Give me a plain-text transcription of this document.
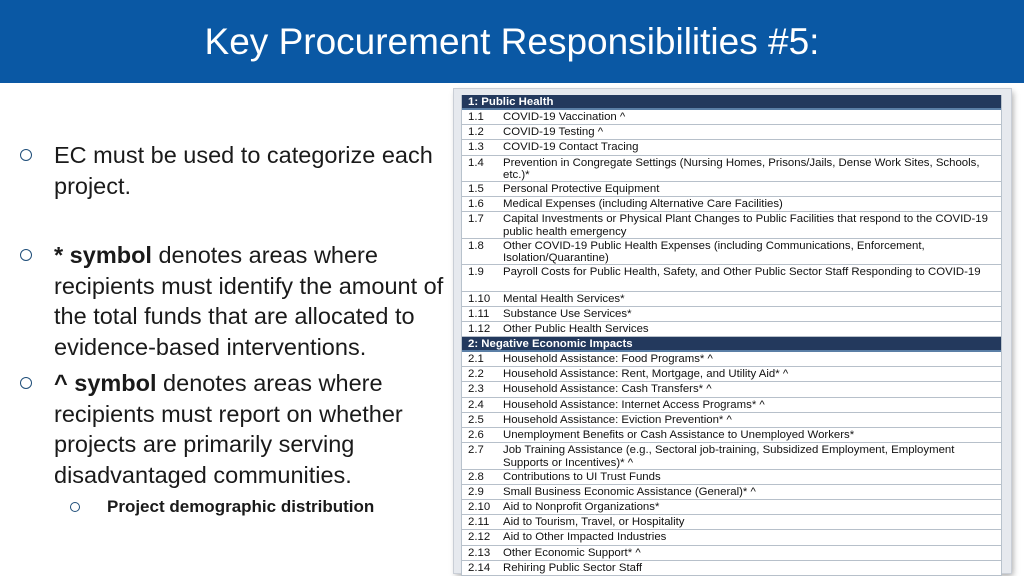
Key Procurement Responsibilities #5:
EC must be used to categorize each project.
* symbol denotes areas where recipients must identify the amount of the total funds that are allocated to evidence-based interventions.
^ symbol denotes areas where recipients must report on whether projects are primarily serving disadvantaged communities.
Project demographic distribution
1: Public Health
1.1	COVID-19 Vaccination ^
1.2	COVID-19 Testing ^
1.3	COVID-19 Contact Tracing
1.4	Prevention in Congregate Settings (Nursing Homes, Prisons/Jails, Dense Work Sites, Schools, etc.)*
1.5	Personal Protective Equipment
1.6	Medical Expenses (including Alternative Care Facilities)
1.7	Capital Investments or Physical Plant Changes to Public Facilities that respond to the COVID-19 public health emergency
1.8	Other COVID-19 Public Health Expenses (including Communications, Enforcement, Isolation/Quarantine)
1.9	Payroll Costs for Public Health, Safety, and Other Public Sector Staff Responding to COVID-19
1.10	Mental Health Services*
1.11	Substance Use Services*
1.12	Other Public Health Services
2: Negative Economic Impacts
2.1	Household Assistance: Food Programs* ^
2.2	Household Assistance: Rent, Mortgage, and Utility Aid* ^
2.3	Household Assistance: Cash Transfers* ^
2.4	Household Assistance: Internet Access Programs* ^
2.5	Household Assistance: Eviction Prevention* ^
2.6	Unemployment Benefits or Cash Assistance to Unemployed Workers*
2.7	Job Training Assistance (e.g., Sectoral job-training, Subsidized Employment, Employment Supports or Incentives)* ^
2.8	Contributions to UI Trust Funds
2.9	Small Business Economic Assistance (General)* ^
2.10	Aid to Nonprofit Organizations*
2.11	Aid to Tourism, Travel, or Hospitality
2.12	Aid to Other Impacted Industries
2.13	Other Economic Support* ^
2.14	Rehiring Public Sector Staff
